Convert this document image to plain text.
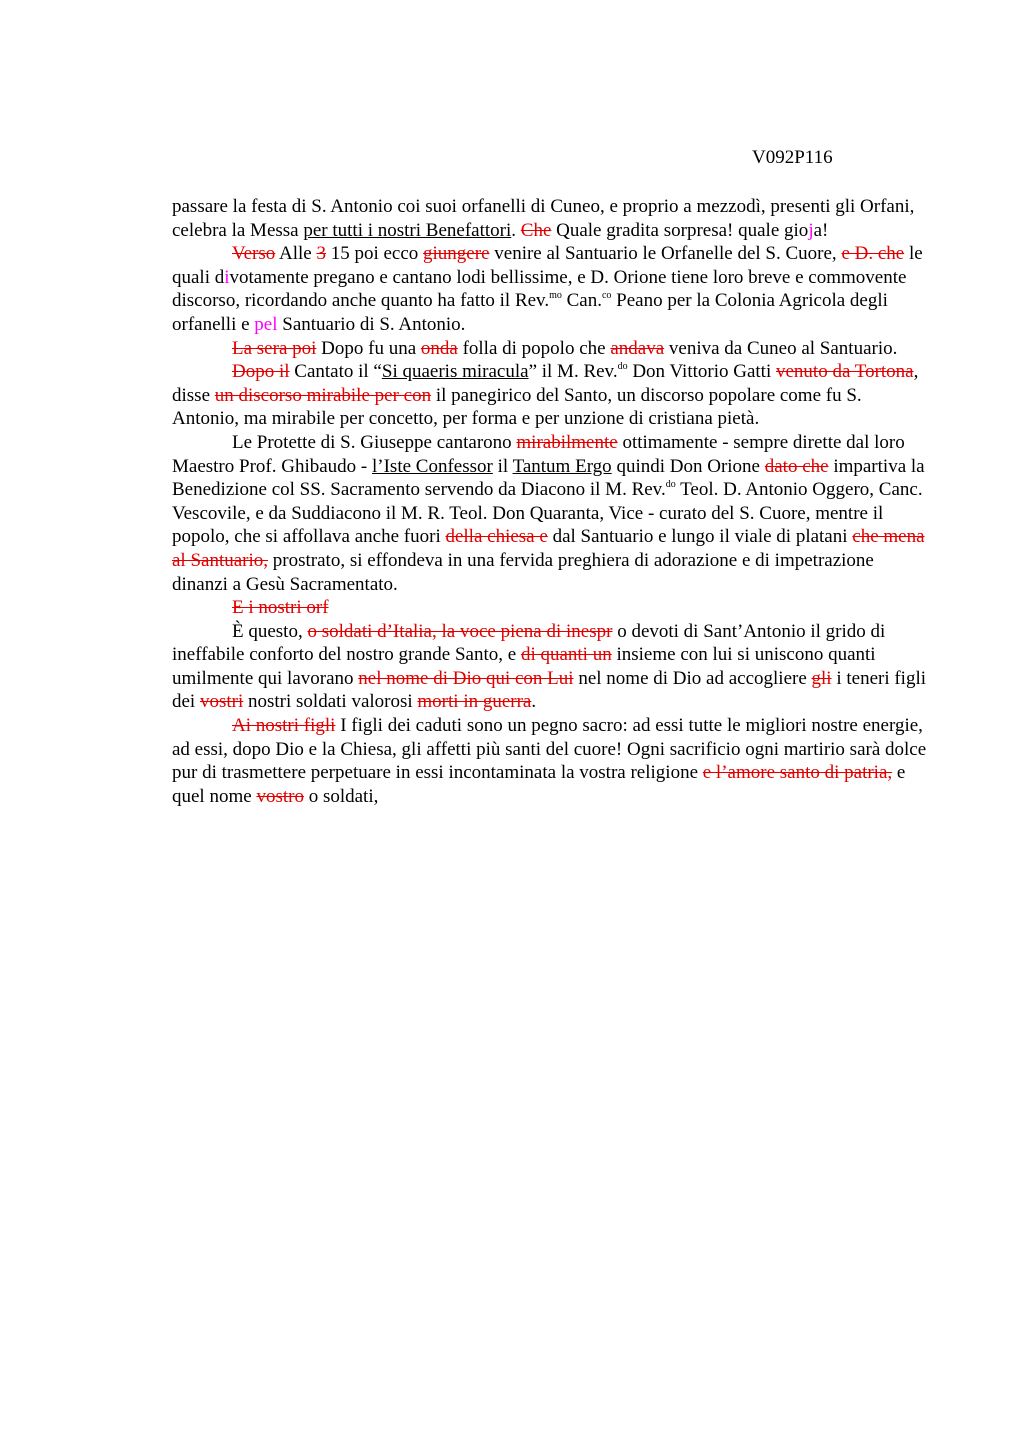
V092P116

passare la festa di S. Antonio coi suoi orfanelli di Cuneo, e proprio a mezzodì, presenti gli Orfani, celebra la Messa per tutti i nostri Benefattori. Che Quale gradita sorpresa! quale gioja!

Verso Alle 3 15 poi ecco giungere venire al Santuario le Orfanelle del S. Cuore, e D. che le quali divotamente pregano e cantano lodi bellissime, e D. Orione tiene loro breve e commovente discorso, ricordando anche quanto ha fatto il Rev.$^{mo}$ Can.$^{co}$ Peano per la Colonia Agricola degli orfanelli e pel Santuario di S. Antonio.

La sera poi Dopo fu una onda folla di popolo che andava veniva da Cuneo al Santuario.

Dopo il Cantato il “Si quaeris miracula” il M. Rev.$^{do}$ Don Vittorio Gatti venuto da Tortona, disse un discorso mirabile per con il panegirico del Santo, un discorso popolare come fu S. Antonio, ma mirabile per concetto, per forma e per unzione di cristiana pietà.

Le Protette di S. Giuseppe cantarono mirabilmente ottimamente - sempre dirette dal loro Maestro Prof. Ghibaudo - l’Iste Confessor il Tantum Ergo quindi Don Orione dato che impartiva la Benedizione col SS. Sacramento servendo da Diacono il M. Rev.$^{do}$ Teol. D. Antonio Oggero, Canc. Vescovile, e da Suddiacono il M. R. Teol. Don Quaranta, Vice - curato del S. Cuore, mentre il popolo, che si affollava anche fuori della chiesa e dal Santuario e lungo il viale di platani che mena al Santuario, prostrato, si effondeva in una fervida preghiera di adorazione e di impetrazione dinanzi a Gesù Sacramentato.

E i nostri orf

È questo, o soldati d’Italia, la voce piena di inespr o devoti di Sant’Antonio il grido di ineffabile conforto del nostro grande Santo, e di quanti un insieme con lui si uniscono quanti umilmente qui lavorano nel nome di Dio qui con Lui nel nome di Dio ad accogliere gli i teneri figli dei vostri nostri soldati valorosi morti in guerra.

Ai nostri figli I figli dei caduti sono un pegno sacro: ad essi tutte le migliori nostre energie, ad essi, dopo Dio e la Chiesa, gli affetti più santi del cuore! Ogni sacrificio ogni martirio sarà dolce pur di trasmettere perpetuare in essi incontaminata la vostra religione e l’amore santo di patria, e quel nome vostro o soldati,
